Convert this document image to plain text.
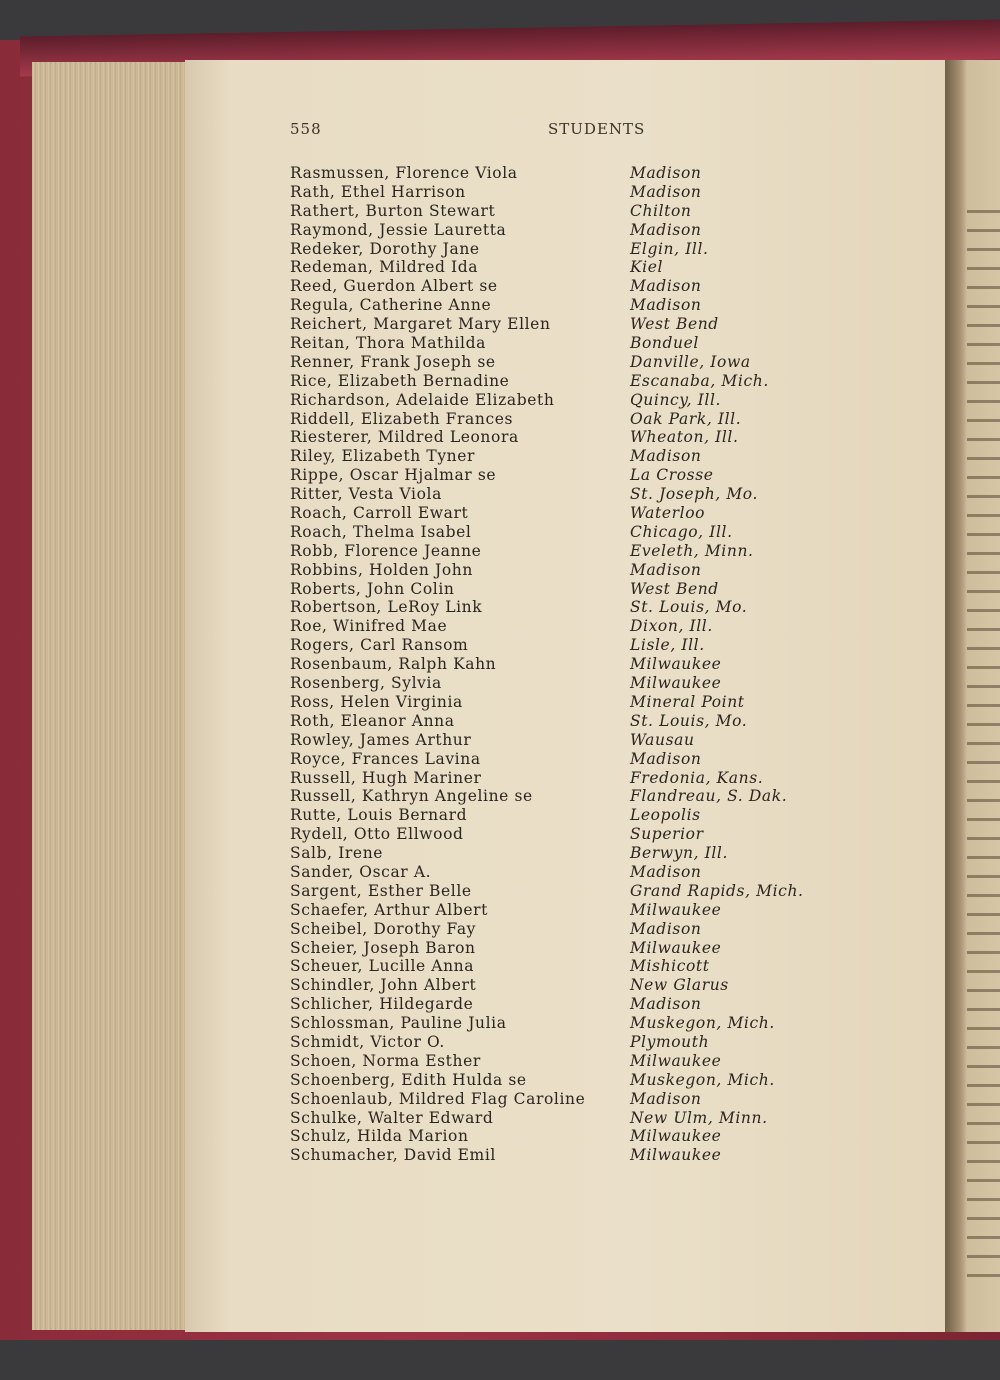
558	STUDENTS
Rasmussen, Florence Viola	Madison
Rath, Ethel Harrison	Madison
Rathert, Burton Stewart	Chilton
Raymond, Jessie Lauretta	Madison
Redeker, Dorothy Jane	Elgin, Ill.
Redeman, Mildred Ida	Kiel
Reed, Guerdon Albert se	Madison
Regula, Catherine Anne	Madison
Reichert, Margaret Mary Ellen	West Bend
Reitan, Thora Mathilda	Bonduel
Renner, Frank Joseph se	Danville, Iowa
Rice, Elizabeth Bernadine	Escanaba, Mich.
Richardson, Adelaide Elizabeth	Quincy, Ill.
Riddell, Elizabeth Frances	Oak Park, Ill.
Riesterer, Mildred Leonora	Wheaton, Ill.
Riley, Elizabeth Tyner	Madison
Rippe, Oscar Hjalmar se	La Crosse
Ritter, Vesta Viola	St. Joseph, Mo.
Roach, Carroll Ewart	Waterloo
Roach, Thelma Isabel	Chicago, Ill.
Robb, Florence Jeanne	Eveleth, Minn.
Robbins, Holden John	Madison
Roberts, John Colin	West Bend
Robertson, LeRoy Link	St. Louis, Mo.
Roe, Winifred Mae	Dixon, Ill.
Rogers, Carl Ransom	Lisle, Ill.
Rosenbaum, Ralph Kahn	Milwaukee
Rosenberg, Sylvia	Milwaukee
Ross, Helen Virginia	Mineral Point
Roth, Eleanor Anna	St. Louis, Mo.
Rowley, James Arthur	Wausau
Royce, Frances Lavina	Madison
Russell, Hugh Mariner	Fredonia, Kans.
Russell, Kathryn Angeline se	Flandreau, S. Dak.
Rutte, Louis Bernard	Leopolis
Rydell, Otto Ellwood	Superior
Salb, Irene	Berwyn, Ill.
Sander, Oscar A.	Madison
Sargent, Esther Belle	Grand Rapids, Mich.
Schaefer, Arthur Albert	Milwaukee
Scheibel, Dorothy Fay	Madison
Scheier, Joseph Baron	Milwaukee
Scheuer, Lucille Anna	Mishicott
Schindler, John Albert	New Glarus
Schlicher, Hildegarde	Madison
Schlossman, Pauline Julia	Muskegon, Mich.
Schmidt, Victor O.	Plymouth
Schoen, Norma Esther	Milwaukee
Schoenberg, Edith Hulda se	Muskegon, Mich.
Schoenlaub, Mildred Flag Caroline	Madison
Schulke, Walter Edward	New Ulm, Minn.
Schulz, Hilda Marion	Milwaukee
Schumacher, David Emil	Milwaukee
